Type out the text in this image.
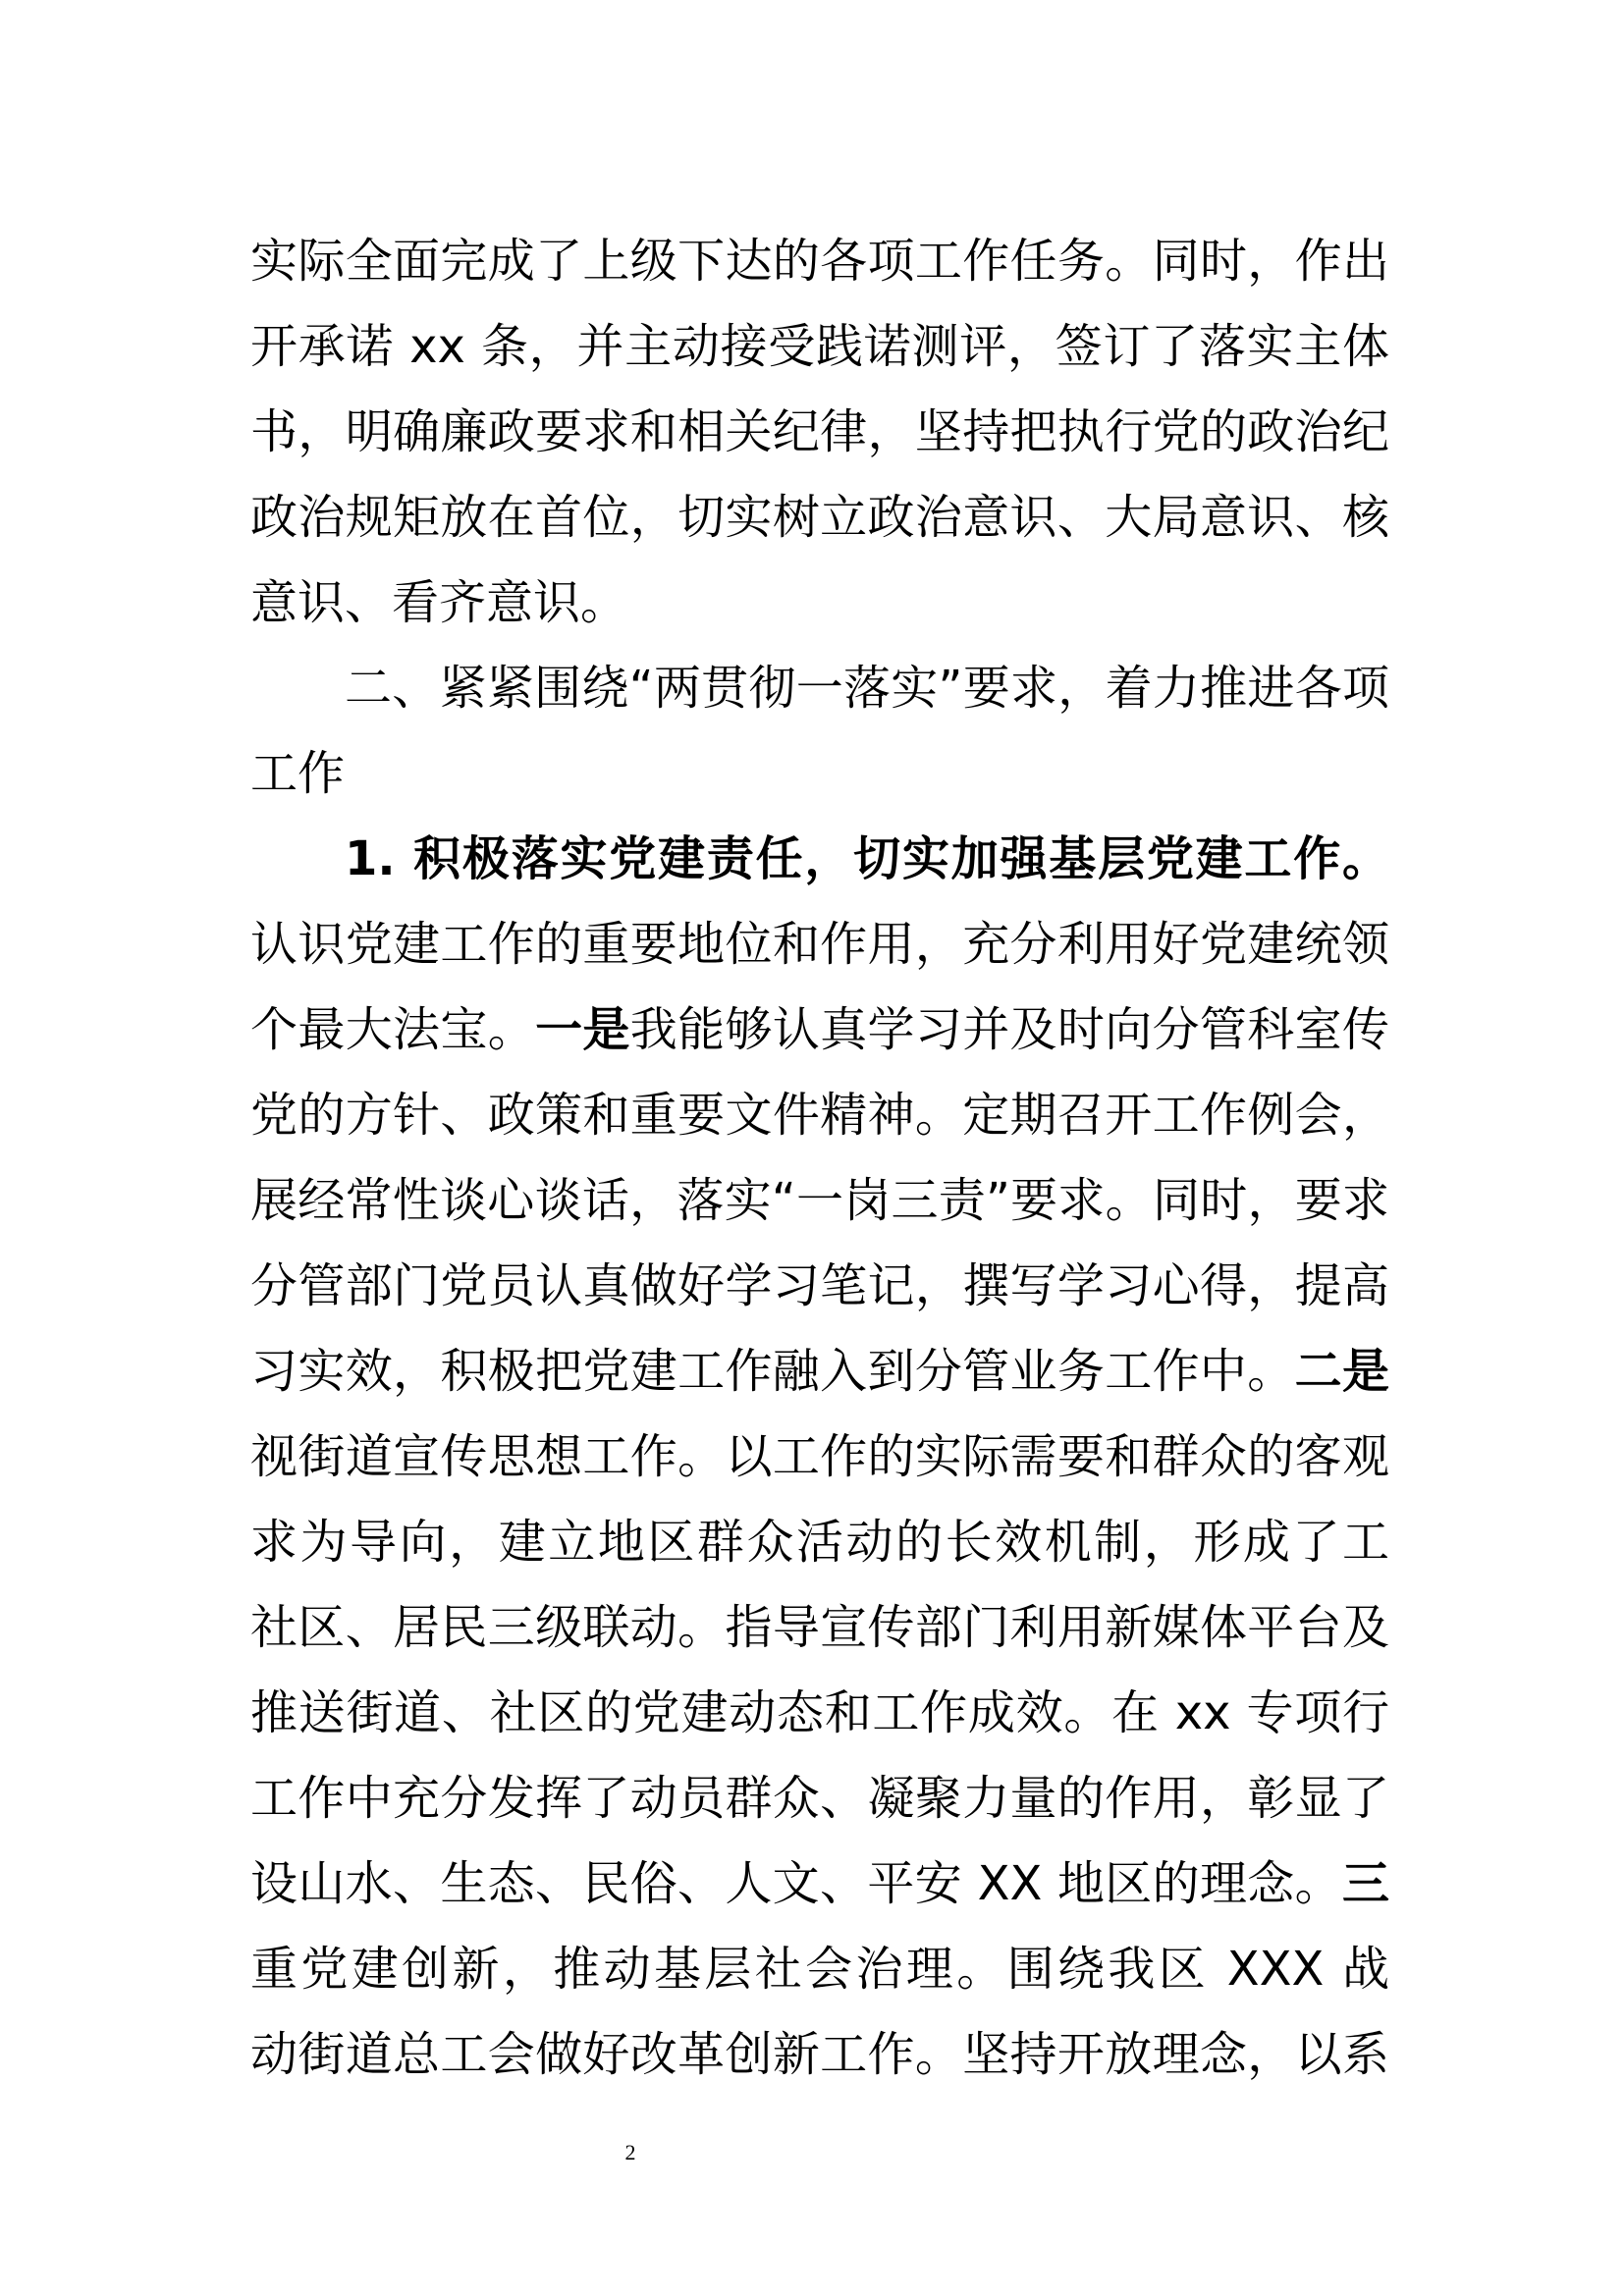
实际全面完成了上级下达的各项工作任务。同时，作出
开承诺 xx 条，并主动接受践诺测评，签订了落实主体
书，明确廉政要求和相关纪律，坚持把执行党的政治纪
政治规矩放在首位，切实树立政治意识、大局意识、核
意识、看齐意识。
二、紧紧围绕“两贯彻一落实”要求，着力推进各项
工作
1. 积极落实党建责任，切实加强基层党建工作。
认识党建工作的重要地位和作用，充分利用好党建统领
个最大法宝。一是我能够认真学习并及时向分管科室传
党的方针、政策和重要文件精神。定期召开工作例会，
展经常性谈心谈话，落实“一岗三责”要求。同时，要求
分管部门党员认真做好学习笔记，撰写学习心得，提高
习实效，积极把党建工作融入到分管业务工作中。二是
视街道宣传思想工作。以工作的实际需要和群众的客观
求为导向，建立地区群众活动的长效机制，形成了工
社区、居民三级联动。指导宣传部门利用新媒体平台及
推送街道、社区的党建动态和工作成效。在 xx 专项行
工作中充分发挥了动员群众、凝聚力量的作用，彰显了
设山水、生态、民俗、人文、平安 XX 地区的理念。三
重党建创新，推动基层社会治理。围绕我区 XXX 战
动街道总工会做好改革创新工作。坚持开放理念，以系
2
